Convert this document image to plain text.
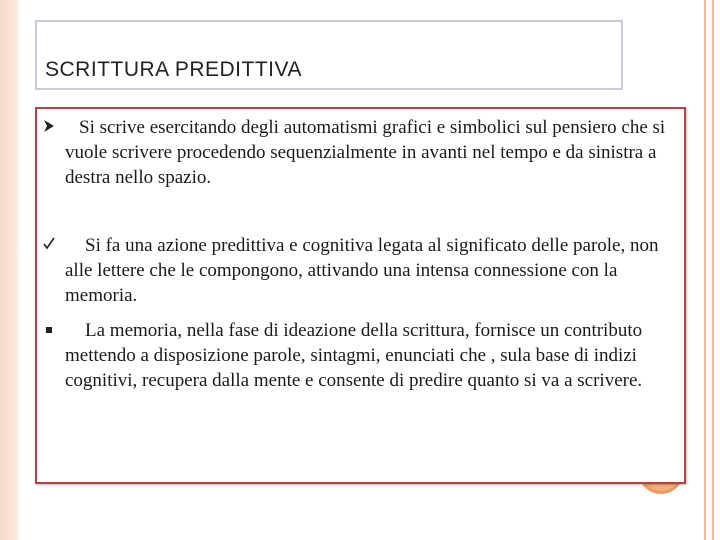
SCRITTURA PREDITTIVA
Si scrive esercitando degli automatismi grafici e simbolici sul pensiero che si vuole scrivere procedendo sequenzialmente in avanti nel tempo e da sinistra a destra nello spazio.
Si fa una azione predittiva e cognitiva legata al significato delle parole, non alle lettere che le compongono, attivando una intensa connessione con la memoria.
La memoria, nella fase di ideazione della scrittura, fornisce un contributo mettendo a disposizione parole, sintagmi, enunciati che , sula base di indizi cognitivi, recupera dalla mente e consente di predire quanto si va a scrivere.
